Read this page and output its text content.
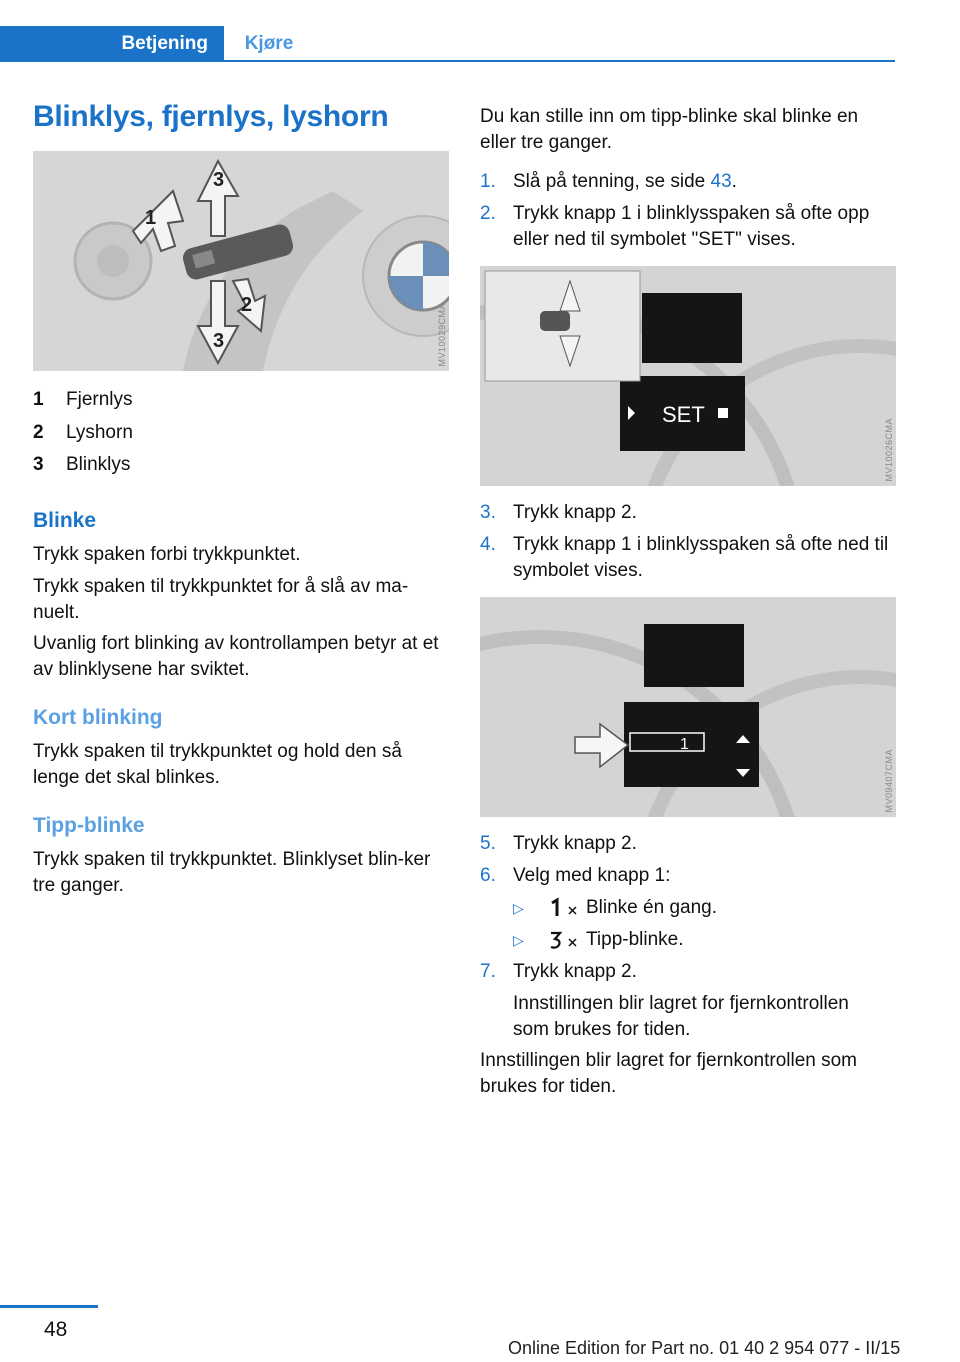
Betjening	Kjøre
Blinklys, fjernlys, lyshorn
1
3
3
2	MV10029CMA
1	Fjernlys
2	Lyshorn
3	Blinklys
Blinke
Trykk spaken forbi trykkpunktet.
Trykk spaken til trykkpunktet for å slå av ma-nuelt.
Uvanlig fort blinking av kontrollampen betyr at et av blinklysene har sviktet.
Kort blinking
Trykk spaken til trykkpunktet og hold den så lenge det skal blinkes.
Tipp-blinke
Trykk spaken til trykkpunktet. Blinklyset blin-ker tre ganger.
Du kan stille inn om tipp-blinke skal blinke en eller tre ganger.
1. Slå på tenning, se side 43.
2. Trykk knapp 1 i blinklysspaken så ofte opp eller ned til symbolet "SET" vises.
SET
MV10026CMA
3. Trykk knapp 2.
4. Trykk knapp 1 i blinklysspaken så ofte ned til symbolet vises.
1
MV09407CMA
5. Trykk knapp 2.
6. Velg med knapp 1:
▷	Blinke én gang.
▷	Tipp-blinke.
7. Trykk knapp 2.
Innstillingen blir lagret for fjernkontrollen som brukes for tiden.
Innstillingen blir lagret for fjernkontrollen som brukes for tiden.
48
Online Edition for Part no. 01 40 2 954 077 - II/15
